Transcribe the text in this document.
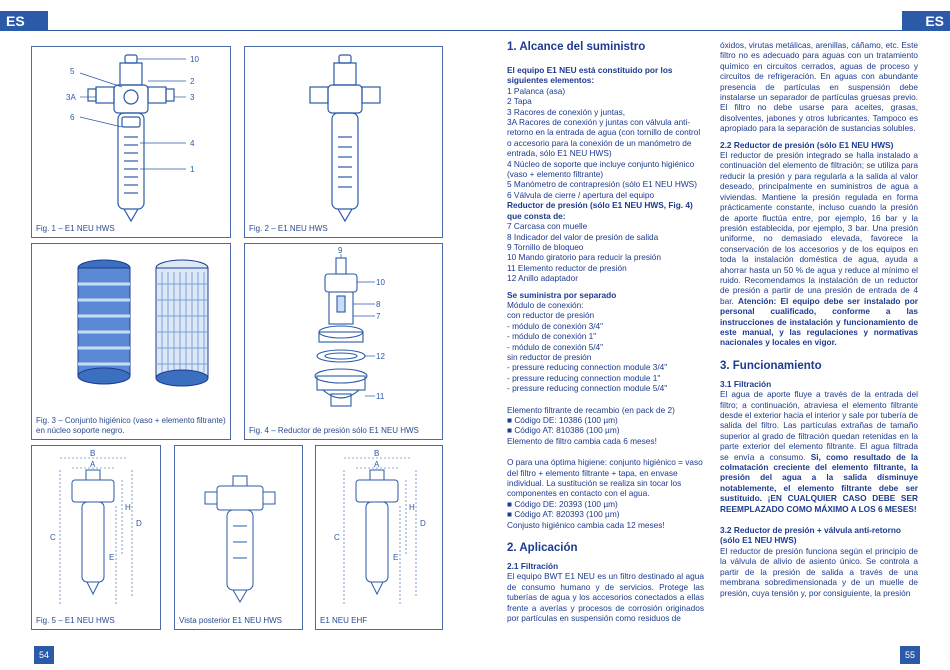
ES	ES
10
5
2
3A	3
6
4
1
Fig. 1 – E1 NEU HWS	Fig. 2 – E1 NEU HWS
Fig. 3 – Conjunto higiénico (vaso + elemento filtrante) en núcleo soporte negro.
9
10
8
7
12
11
Fig. 4 – Reductor de presión sólo E1 NEU HWS
B
A
H
D
C
E
Fig. 5 – E1 NEU HWS	Vista posterior E1 NEU HWS
B
A
H
D
C
E
E1 NEU EHF

1. Alcance del suministro

El equipo E1 NEU está constituido por los siguientes elementos:

1 Palanca (asa)

2 Tapa

3 Racores de conexión y juntas,

3A Racores de conexión y juntas con válvula anti-retorno en la entrada de agua (con tornillo de control o accesorio para la conexión de un manómetro de entrada, sólo E1 NEU HWS)

4 Núcleo de soporte que incluye conjunto higiénico (vaso + elemento filtrante)

5 Manómetro de contrapresión (sólo E1 NEU HWS)

6 Válvula de cierre / apertura del equipo

Reductor de presión (sólo E1 NEU HWS, Fig. 4) que consta de:

7 Carcasa con muelle

8 Indicador del valor de presión de salida

9 Tornillo de bloqueo

10 Mando giratorio para reducir la presión

11 Elemento reductor de presión

12 Anillo adaptador

Se suministra por separado

Módulo de conexión:

con reductor de presión

- módulo de conexión 3/4"

- módulo de conexión 1"

- módulo de conexión 5/4"

sin reductor de presión

- pressure reducing connection module 3/4"

- pressure reducing connection module 1"

- pressure reducing connection module 5/4"

Elemento filtrante de recambio (en pack de 2)

■ Código DE: 10386 (100 µm)

■ Código AT: 810386 (100 µm)

Elemento de filtro cambia cada 6 meses!

O para una óptima higiene: conjunto higiénico = vaso del filtro + elemento filtrante + tapa, en envase individual. La sustitución se realiza sin tocar los componentes en contacto con el agua.

■ Código DE: 20393 (100 µm)

■ Código AT: 820393 (100 µm)

Conjusto higiénico cambia cada 12 meses!

2. Aplicación

2.1 Filtración

El equipo BWT E1 NEU es un filtro destinado al agua de consumo humano y de servicios. Protege las tuberías de agua y los accesorios conectados a ellas frente a averías y procesos de corrosión originados por partículas en suspensión como residuos de

óxidos, virutas metálicas, arenillas, cáñamo, etc. Este filtro no es adecuado para aguas con un tratamiento químico en circuitos cerrados, aguas de proceso y circuitos de refrigeración. En aguas con abundante presencia de partículas en suspensión debe instalarse un separador de partículas gruesas previo. El filtro no debe usarse para aceites, grasas, disolventes, jabones y otros lubricantes. Tampoco es apropiado para la separación de sustancias solubles.

2.2 Reductor de presión (sólo E1 NEU HWS)

El reductor de presión integrado se halla instalado a continuación del elemento de filtración; se utiliza para reducir la presión y para regularla a la salida al valor deseado, principalmente en suministros de agua a viviendas. Mantiene la presión regulada en forma prácticamente constante, incluso cuando la presión de aporte fluctúa entre, por ejemplo, 16 bar y la presión establecida, por ejemplo, 3 bar. Una presión uniforme, no demasiado elevada, favorece la conservación de los accesorios y de los equipos en toda la instalación doméstica de agua, ayuda a ahorrar hasta un 50 % de agua y reduce al mínimo el ruido. Recomendamos la instalación de un reductor de presión a partir de una presión de entrada de 4 bar. Atención: El equipo debe ser instalado por personal cualificado, conforme a las instrucciones de instalación y funcionamiento de este manual, y las regulaciones y normativas nacionales y locales en vigor.

3. Funcionamiento

3.1 Filtración

El agua de aporte fluye a través de la entrada del filtro; a continuación, atraviesa el elemento filtrante desde el exterior hacia el interior y sale por tubería de salida del filtro. Las partículas extrañas de tamaño superior al grado de filtración quedan retenidas en la parte exterior del elemento filtrante. El agua filtrada se envía a consumo. Si, como resultado de la colmatación creciente del elemento filtrante, la presión del agua a la salida disminuye notablemente, el elemento filtrante debe ser sustituido. ¡EN CUALQUIER CASO DEBE SER REEMPLAZADO COMO MÁXIMO A LOS 6 MESES!

3.2 Reductor de presión + válvula anti-retorno (sólo E1 NEU HWS)

El reductor de presión funciona según el principio de la válvula de alivio de asiento único. Se controla a partir de la presión de salida a través de una membrana sobredimensionada y de un muelle de presión, cuya tensión y, por consiguiente, la presión

54	55
